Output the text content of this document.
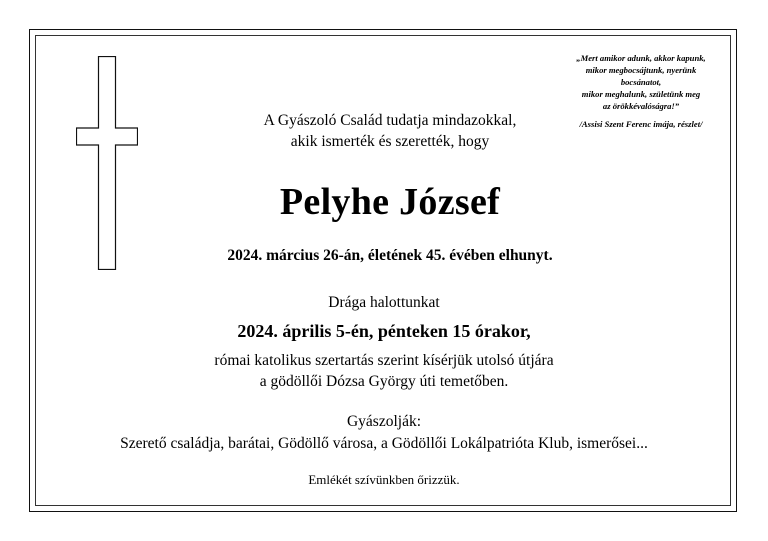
„Mert amikor adunk, akkor kapunk,
mikor megbocsájtunk, nyerünk
bocsánatot,
mikor meghalunk, születünk meg
az örökkévalóságra!”
/Assisi Szent Ferenc imája, részlet/
A Gyászoló Család tudatja mindazokkal,
akik ismerték és szerették, hogy
Pelyhe József
2024. március 26-án, életének 45. évében elhunyt.
Drága halottunkat
2024. április 5-én, pénteken 15 órakor,
római katolikus szertartás szerint kísérjük utolsó útjára
a gödöllői Dózsa György úti temetőben.
Gyászolják:
Szerető családja, barátai, Gödöllő városa, a Gödöllői Lokálpatrióta Klub, ismerősei...
Emlékét szívünkben őrizzük.
